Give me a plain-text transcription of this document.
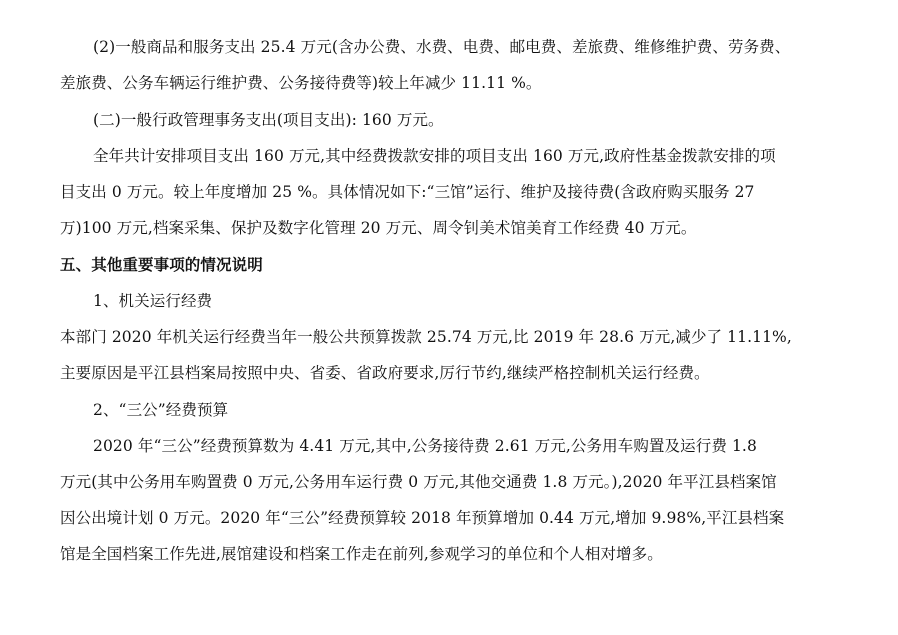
(2)一般商品和服务支出 25.4 万元(含办公费、水费、电费、邮电费、差旅费、维修维护费、劳务费、
差旅费、公务车辆运行维护费、公务接待费等)较上年减少 11.11 %。
(二)一般行政管理事务支出(项目支出): 160 万元。
全年共计安排项目支出 160 万元,其中经费拨款安排的项目支出 160 万元,政府性基金拨款安排的项
目支出 0 万元。较上年度增加 25 %。具体情况如下:“三馆”运行、维护及接待费(含政府购买服务 27
万)100 万元,档案采集、保护及数字化管理 20 万元、周令钊美术馆美育工作经费 40 万元。
五、其他重要事项的情况说明
1、机关运行经费
本部门 2020 年机关运行经费当年一般公共预算拨款 25.74 万元,比 2019 年 28.6 万元,减少了 11.11%,
主要原因是平江县档案局按照中央、省委、省政府要求,厉行节约,继续严格控制机关运行经费。
2、“三公”经费预算
2020 年“三公”经费预算数为 4.41 万元,其中,公务接待费 2.61 万元,公务用车购置及运行费 1.8
万元(其中公务用车购置费 0 万元,公务用车运行费 0 万元,其他交通费 1.8 万元。),2020 年平江县档案馆
因公出境计划 0 万元。2020 年“三公”经费预算较 2018 年预算增加 0.44 万元,增加 9.98%,平江县档案
馆是全国档案工作先进,展馆建设和档案工作走在前列,参观学习的单位和个人相对增多。
